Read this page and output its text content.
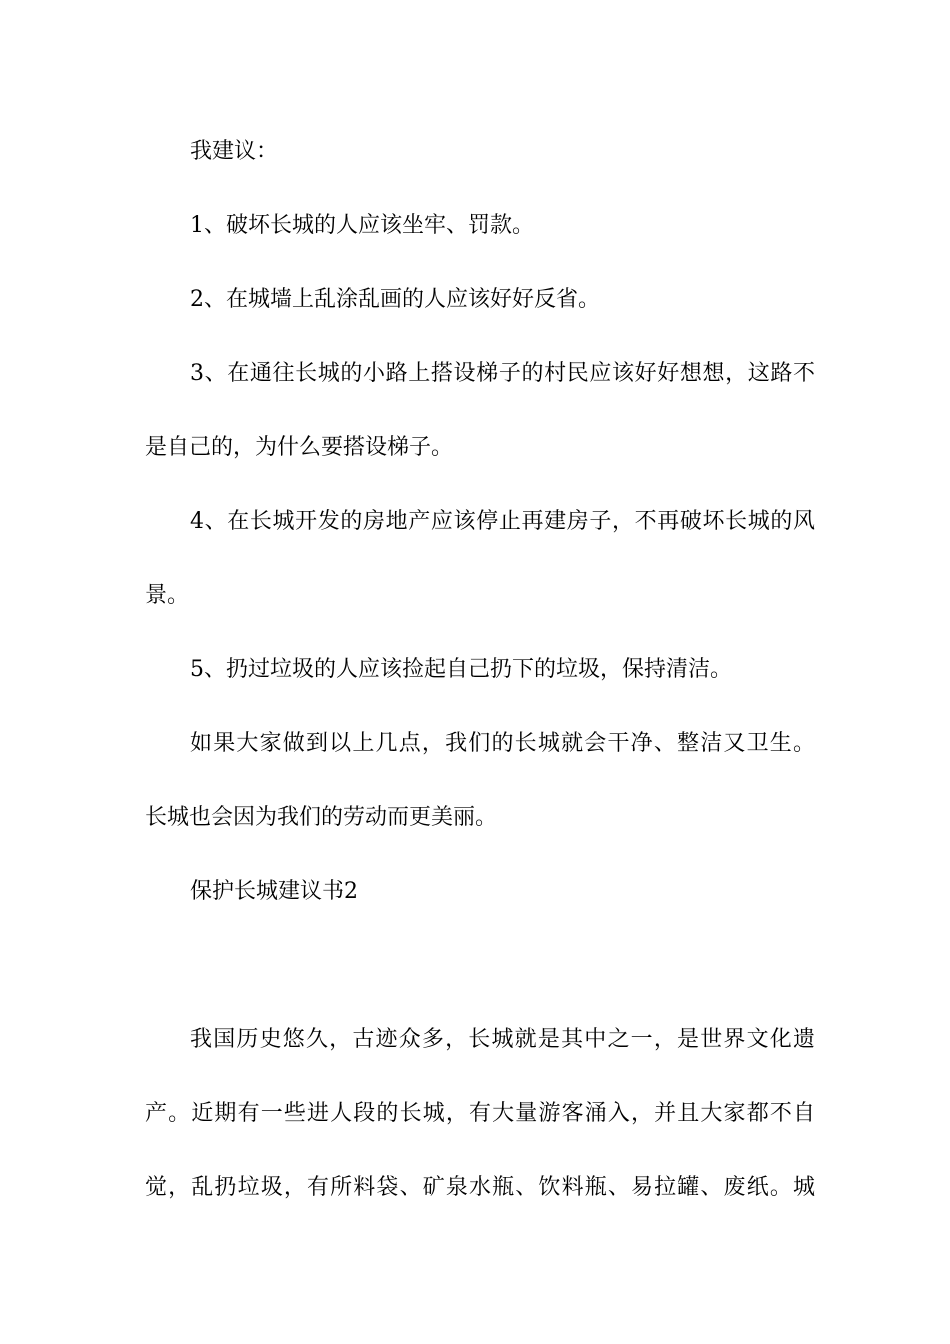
我建议：
1、破坏长城的人应该坐牢、罚款。
2、在城墙上乱涂乱画的人应该好好反省。
3、在通往长城的小路上搭设梯子的村民应该好好想想，这路不
是自己的，为什么要搭设梯子。
4、在长城开发的房地产应该停止再建房子，不再破坏长城的风
景。
5、扔过垃圾的人应该捡起自己扔下的垃圾，保持清洁。
如果大家做到以上几点，我们的长城就会干净、整洁又卫生。
长城也会因为我们的劳动而更美丽。
保护长城建议书2
我国历史悠久，古迹众多，长城就是其中之一，是世界文化遗
产。近期有一些进人段的长城，有大量游客涌入，并且大家都不自
觉，乱扔垃圾，有所料袋、矿泉水瓶、饮料瓶、易拉罐、废纸。城
